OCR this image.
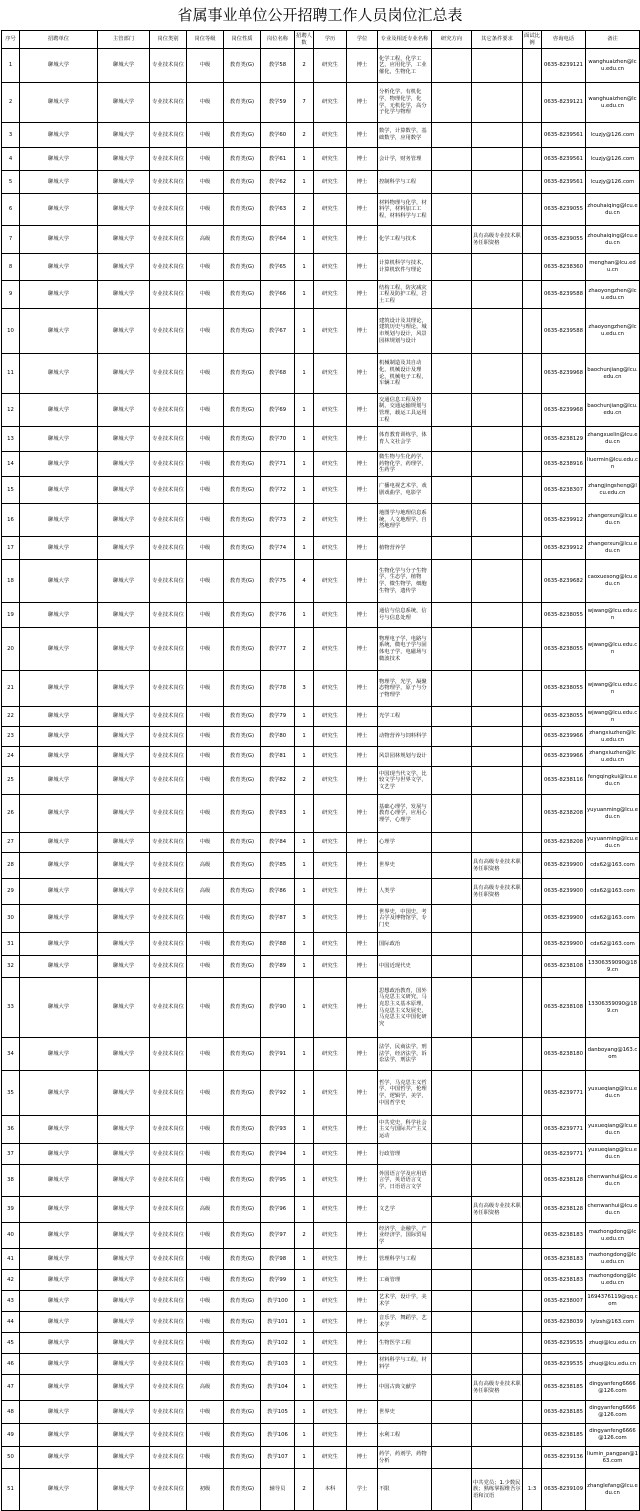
省属事业单位公开招聘工作人员岗位汇总表
序号	招聘单位	主管部门	岗位类别	岗位等级	岗位性质	岗位名称	招聘人数	学历	学位	专业及相近专业名称	研究方向	其它条件要求	面试比例	咨询电话	备注
1	聊城大学	聊城大学	专业技术岗位	中级	教育类(G)	教学58	2	研究生	博士	化学工程，化学工艺，应用化学，工业催化，生物化工				0635-8239121	wanghuaizhen@lcu.edu.cn
2	聊城大学	聊城大学	专业技术岗位	中级	教育类(G)	教学59	7	研究生	博士	分析化学，有机化学，物理化学，化学，无机化学，高分子化学与物理				0635-8239121	wanghuaizhen@lcu.edu.cn
3	聊城大学	聊城大学	专业技术岗位	中级	教育类(G)	教学60	2	研究生	博士	数学，计算数学，基础数学，应用数学				0635-8239561	lcuzjy@126.com
4	聊城大学	聊城大学	专业技术岗位	中级	教育类(G)	教学61	1	研究生	博士	会计学，财务管理				0635-8239561	lcuzjy@126.com
5	聊城大学	聊城大学	专业技术岗位	中级	教育类(G)	教学62	1	研究生	博士	控制科学与工程				0635-8239561	lcuzjy@126.com
6	聊城大学	聊城大学	专业技术岗位	中级	教育类(G)	教学63	2	研究生	博士	材料物理与化学，材料学，材料加工工程，材料科学与工程				0635-8239055	zhouhaiqing@lcu.edu.cn
7	聊城大学	聊城大学	专业技术岗位	高级	教育类(G)	教学64	1	研究生	博士	化学工程与技术		具有高级专业技术职务任职资格		0635-8239055	zhouhaiqing@lcu.edu.cn
8	聊城大学	聊城大学	专业技术岗位	中级	教育类(G)	教学65	1	研究生	博士	计算机科学与技术，计算机软件与理论				0635-8238360	menghan@lcu.edu.cn
9	聊城大学	聊城大学	专业技术岗位	中级	教育类(G)	教学66	1	研究生	博士	结构工程，防灾减灾工程及防护工程，岩土工程				0635-8239588	zhaoyongzhen@lcu.edu.cn
10	聊城大学	聊城大学	专业技术岗位	中级	教育类(G)	教学67	1	研究生	博士	建筑设计及其理论，建筑历史与理论，城市规划与设计，风景园林规划与设计				0635-8239588	zhaoyongzhen@lcu.edu.cn
11	聊城大学	聊城大学	专业技术岗位	中级	教育类(G)	教学68	1	研究生	博士	机械制造及其自动化，机械设计及理论，机械电子工程，车辆工程				0635-8239968	baochunjiang@lcu.edu.cn
12	聊城大学	聊城大学	专业技术岗位	中级	教育类(G)	教学69	1	研究生	博士	交通信息工程及控制，交通运输规划与管理，载运工具运用工程				0635-8239968	baochunjiang@lcu.edu.cn
13	聊城大学	聊城大学	专业技术岗位	中级	教育类(G)	教学70	1	研究生	博士	体育教育训练学，体育人文社会学				0635-8238129	zhangxuelin@lcu.edu.cn
14	聊城大学	聊城大学	专业技术岗位	中级	教育类(G)	教学71	1	研究生	博士	微生物与生化药学，药物化学，药理学，生药学				0635-8238916	liuermin@lcu.edu.cn
15	聊城大学	聊城大学	专业技术岗位	中级	教育类(G)	教学72	1	研究生	博士	广播电视艺术学，戏剧戏曲学，电影学				0635-8238307	zhangjingsheng@lcu.edu.cn
16	聊城大学	聊城大学	专业技术岗位	中级	教育类(G)	教学73	2	研究生	博士	地图学与地理信息系统，人文地理学，自然地理学				0635-8239912	zhangerxun@lcu.edu.cn
17	聊城大学	聊城大学	专业技术岗位	中级	教育类(G)	教学74	1	研究生	博士	植物营养学				0635-8239912	zhangerxun@lcu.edu.cn
18	聊城大学	聊城大学	专业技术岗位	中级	教育类(G)	教学75	4	研究生	博士	生物化学与分子生物学，生态学，植物学，微生物学，细胞生物学，遗传学				0635-8239682	caoxuesong@lcu.edu.cn
19	聊城大学	聊城大学	专业技术岗位	中级	教育类(G)	教学76	1	研究生	博士	通信与信息系统，信号与信息处理				0635-8238055	wjwang@lcu.edu.cn
20	聊城大学	聊城大学	专业技术岗位	中级	教育类(G)	教学77	2	研究生	博士	物理电子学，电路与系统，微电子学与固体电子学，电磁场与微波技术				0635-8238055	wjwang@lcu.edu.cn
21	聊城大学	聊城大学	专业技术岗位	中级	教育类(G)	教学78	3	研究生	博士	物理学，光学，凝聚态物理学，原子与分子物理学				0635-8238055	wjwang@lcu.edu.cn
22	聊城大学	聊城大学	专业技术岗位	中级	教育类(G)	教学79	1	研究生	博士	光学工程				0635-8238055	wjwang@lcu.edu.cn
23	聊城大学	聊城大学	专业技术岗位	中级	教育类(G)	教学80	1	研究生	博士	动物营养与饲料科学				0635-8239966	zhangxiuzhen@lcu.edu.cn
24	聊城大学	聊城大学	专业技术岗位	中级	教育类(G)	教学81	1	研究生	博士	风景园林规划与设计				0635-8239966	zhangxiuzhen@lcu.edu.cn
25	聊城大学	聊城大学	专业技术岗位	中级	教育类(G)	教学82	2	研究生	博士	中国现当代文学，比较文学与世界文学，文艺学				0635-8238116	fengqingkui@lcu.edu.cn
26	聊城大学	聊城大学	专业技术岗位	中级	教育类(G)	教学83	1	研究生	博士	基础心理学，发展与教育心理学，应用心理学，心理学				0635-8238208	yuyuanming@lcu.edu.cn
27	聊城大学	聊城大学	专业技术岗位	中级	教育类(G)	教学84	1	研究生	博士	心理学				0635-8238208	yuyuanming@lcu.edu.cn
28	聊城大学	聊城大学	专业技术岗位	高级	教育类(G)	教学85	1	研究生	博士	世界史		具有高级专业技术职务任职资格		0635-8239900	cdx62@163.com
29	聊城大学	聊城大学	专业技术岗位	高级	教育类(G)	教学86	1	研究生	博士	人类学		具有高级专业技术职务任职资格		0635-8239900	cdx62@163.com
30	聊城大学	聊城大学	专业技术岗位	中级	教育类(G)	教学87	3	研究生	博士	世界史，中国史，考古学及博物馆学，专门史				0635-8239900	cdx62@163.com
31	聊城大学	聊城大学	专业技术岗位	中级	教育类(G)	教学88	1	研究生	博士	国际政治				0635-8239900	cdx62@163.com
32	聊城大学	聊城大学	专业技术岗位	中级	教育类(G)	教学89	1	研究生	博士	中国近现代史				0635-8238108	13306359090@189.cn
33	聊城大学	聊城大学	专业技术岗位	中级	教育类(G)	教学90	1	研究生	博士	思想政治教育，国外马克思主义研究，马克思主义基本原理，马克思主义发展史，马克思主义中国化研究				0635-8238108	13306359090@189.cn
34	聊城大学	聊城大学	专业技术岗位	中级	教育类(G)	教学91	1	研究生	博士	法学，民商法学，刑法学，经济法学，诉讼法学，刑法学				0635-8238180	danboyang@163.com
35	聊城大学	聊城大学	专业技术岗位	中级	教育类(G)	教学92	1	研究生	博士	哲学，马克思主义哲学，中国哲学，伦理学，逻辑学，美学，中国哲学史				0635-8239771	yuxueqiang@lcu.edu.cn
36	聊城大学	聊城大学	专业技术岗位	中级	教育类(G)	教学93	1	研究生	博士	中共党史，科学社会主义与国际共产主义运动				0635-8239771	yuxueqiang@lcu.edu.cn
37	聊城大学	聊城大学	专业技术岗位	中级	教育类(G)	教学94	1	研究生	博士	行政管理				0635-8239771	yuxueqiang@lcu.edu.cn
38	聊城大学	聊城大学	专业技术岗位	中级	教育类(G)	教学95	1	研究生	博士	外国语言学及应用语言学，英语语言文学，日语语言文学				0635-8238128	chenwanhui@lcu.edu.cn
39	聊城大学	聊城大学	专业技术岗位	高级	教育类(G)	教学96	1	研究生	博士	文艺学		具有高级专业技术职务任职资格		0635-8238128	chenwanhui@lcu.edu.cn
40	聊城大学	聊城大学	专业技术岗位	中级	教育类(G)	教学97	2	研究生	博士	经济学，金融学，产业经济学，国际贸易学				0635-8238183	mazhongdong@lcu.edu.cn
41	聊城大学	聊城大学	专业技术岗位	中级	教育类(G)	教学98	1	研究生	博士	管理科学与工程				0635-8238183	mazhongdong@lcu.edu.cn
42	聊城大学	聊城大学	专业技术岗位	中级	教育类(G)	教学99	1	研究生	博士	工商管理				0635-8238183	mazhongdong@lcu.edu.cn
43	聊城大学	聊城大学	专业技术岗位	中级	教育类(G)	教学100	1	研究生	博士	艺术学，设计学，美术学				0635-8238007	1694376119@qq.com
44	聊城大学	聊城大学	专业技术岗位	中级	教育类(G)	教学101	1	研究生	博士	音乐学，舞蹈学，艺术学				0635-8238039	lylzsh@163.com
45	聊城大学	聊城大学	专业技术岗位	中级	教育类(G)	教学102	1	研究生	博士	生物医学工程				0635-8239535	zhuqi@lcu.edu.cn
46	聊城大学	聊城大学	专业技术岗位	中级	教育类(G)	教学103	1	研究生	博士	材料科学与工程，材料学				0635-8239535	zhuqi@lcu.edu.cn
47	聊城大学	聊城大学	专业技术岗位	高级	教育类(G)	教学104	1	研究生	博士	中国古典文献学		具有高级专业技术职务任职资格		0635-8238185	dingyanfeng6666@126.com
48	聊城大学	聊城大学	专业技术岗位	中级	教育类(G)	教学105	1	研究生	博士	世界史				0635-8238185	dingyanfeng6666@126.com
49	聊城大学	聊城大学	专业技术岗位	中级	教育类(G)	教学106	1	研究生	博士	水利工程				0635-8238185	dingyanfeng6666@126.com
50	聊城大学	聊城大学	专业技术岗位	中级	教育类(G)	教学107	1	研究生	博士	药学，药剂学，药物分析				0635-8239136	liumin_pangpan@163.com
51	聊城大学	聊城大学	专业技术岗位	初级	教育类(G)	辅导员	2	本科	学士	不限		中共党员；1.少数民族；熟练掌握维吾尔语和汉语	1:3	0635-8239109	zhanglefang@lcu.edu.cn
